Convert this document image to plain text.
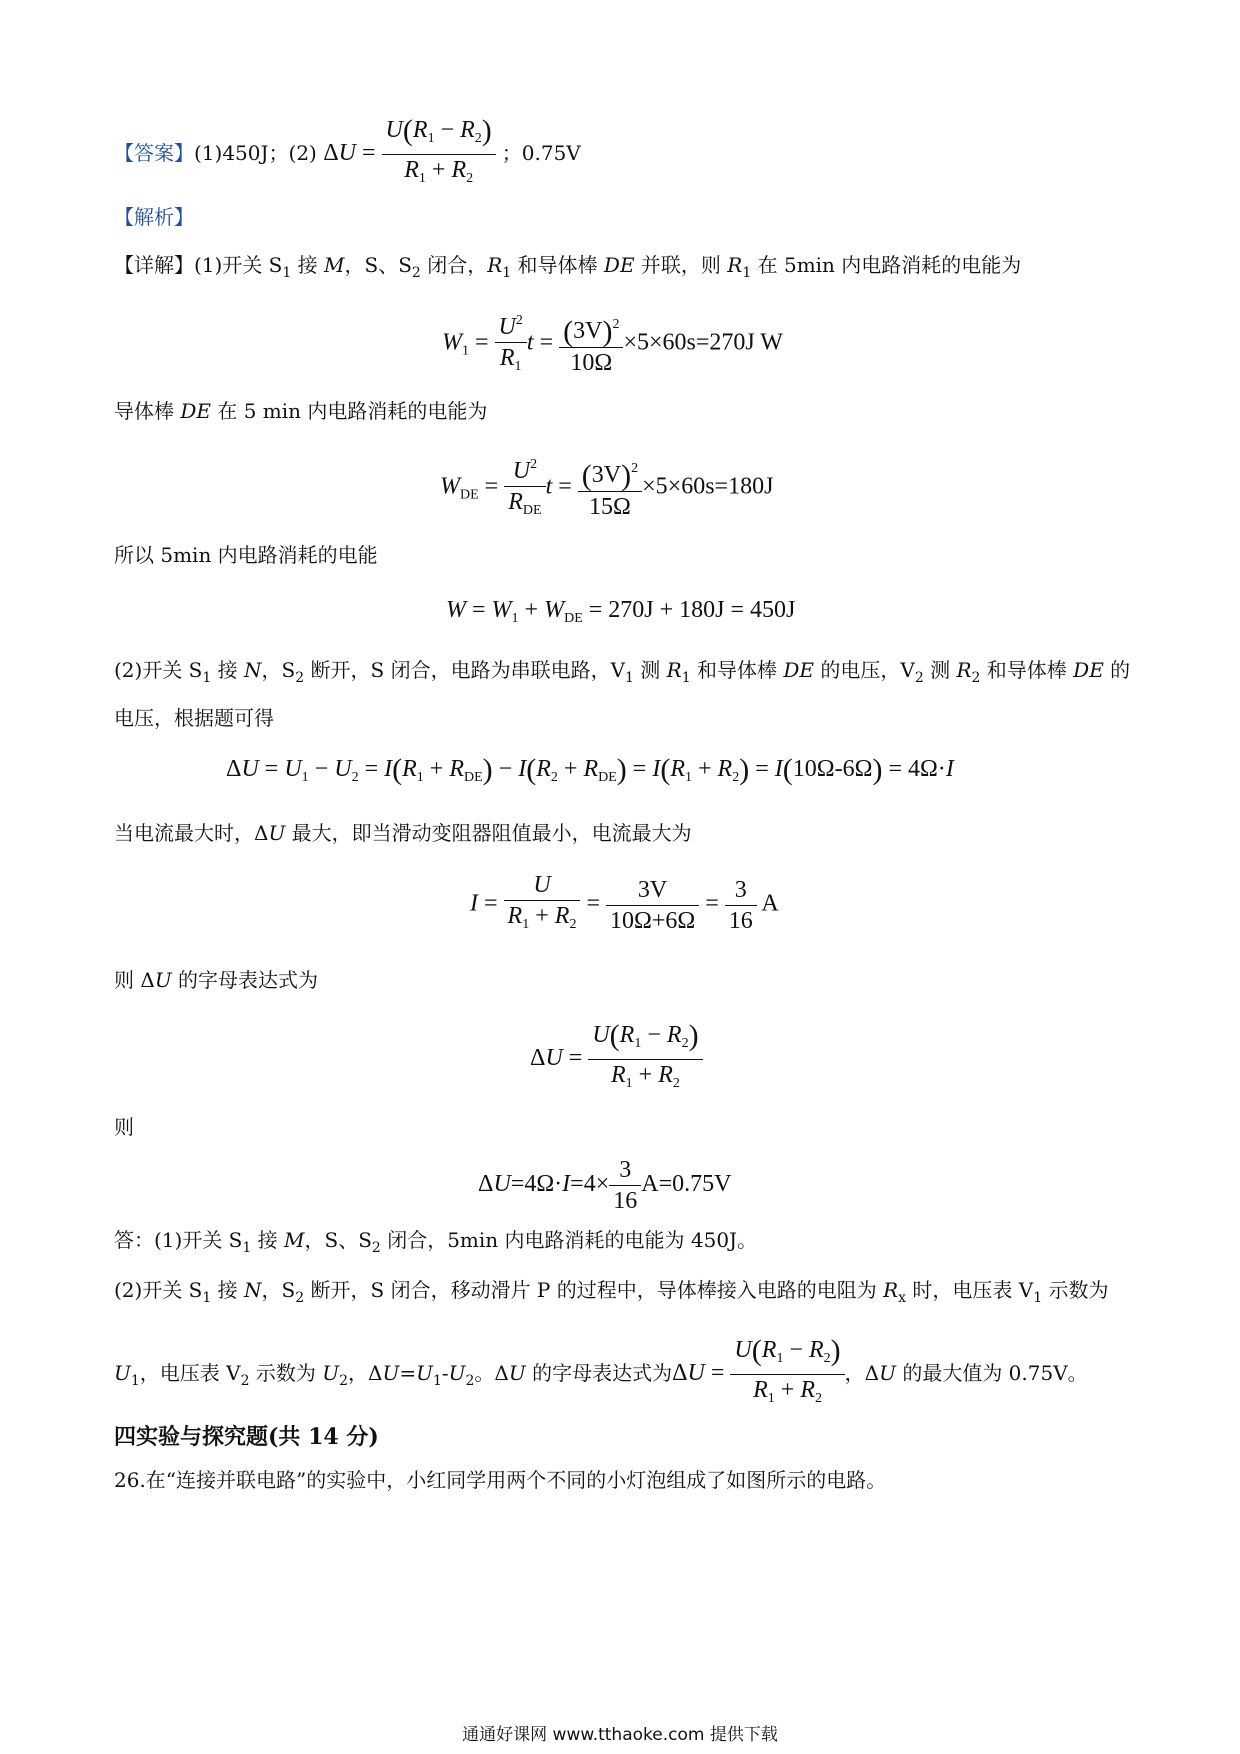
【答案】(1)450J；(2) $\Delta U = \frac{U(R_1 - R_2)}{R_1 + R_2}$ ；0.75V
【解析】
【详解】(1)开关 $S_1$ 接 M，S、$S_2$ 闭合，$R_1$ 和导体棒 DE 并联，则 $R_1$ 在 5min 内电路消耗的电能为
$W_1 = \frac{U^2}{R_1}$ $t = \frac{(3V)^2}{10\Omega} \times 5\times 60s=270J$ W
导体棒 DE 在 5 min 内电路消耗的电能为
$W_{DE} = \frac{U^2}{R_{DE}}$ $t = \frac{(3V)^2}{15\Omega} \times 5\times 60s=180J$
所以 5min 内电路消耗的电能
$W = W_1 + W_{DE} = 270J + 180J = 450J$
(2)开关 $S_1$ 接 N，$S_2$ 断开，S 闭合，电路为串联电路，$V_1$ 测 $R_1$ 和导体棒 DE 的电压，$V_2$ 测 $R_2$ 和导体棒 DE 的
电压，根据题可得
$\Delta U = U_1 - U_2 = I(R_1 + R_{DE}) - I(R_2 + R_{DE}) = I(R_1 + R_2) = I(10\Omega-6\Omega) = 4\Omega\cdot I$
当电流最大时，ΔU 最大，即当滑动变阻器阻值最小，电流最大为
$I = \frac{U}{R_1 + R_2} = \frac{3V}{10\Omega+6\Omega} = \frac{3}{16}$ A
则 ΔU 的字母表达式为
$\Delta U = \frac{U(R_1 - R_2)}{R_1 + R_2}$
则
$\Delta U=4\Omega\cdot I=4\times \frac{3}{16} A=0.75V$
答：(1)开关 $S_1$ 接 M，S、$S_2$ 闭合，5min 内电路消耗的电能为 450J。
(2)开关 $S_1$ 接 N，$S_2$ 断开，S 闭合，移动滑片 P 的过程中，导体棒接入电路的电阻为 $R_x$ 时，电压表 $V_1$ 示数为
$U_1$，电压表 $V_2$ 示数为 $U_2$，$\Delta U=U_1-U_2$。ΔU 的字母表达式为$\Delta U = \frac{U(R_1 - R_2)}{R_1 + R_2}$ ，ΔU 的最大值为 0.75V。
四实验与探究题(共 14 分)
26.在“连接并联电路”的实验中，小红同学用两个不同的小灯泡组成了如图所示的电路。
通通好课网 www.tthaoke.com 提供下载
